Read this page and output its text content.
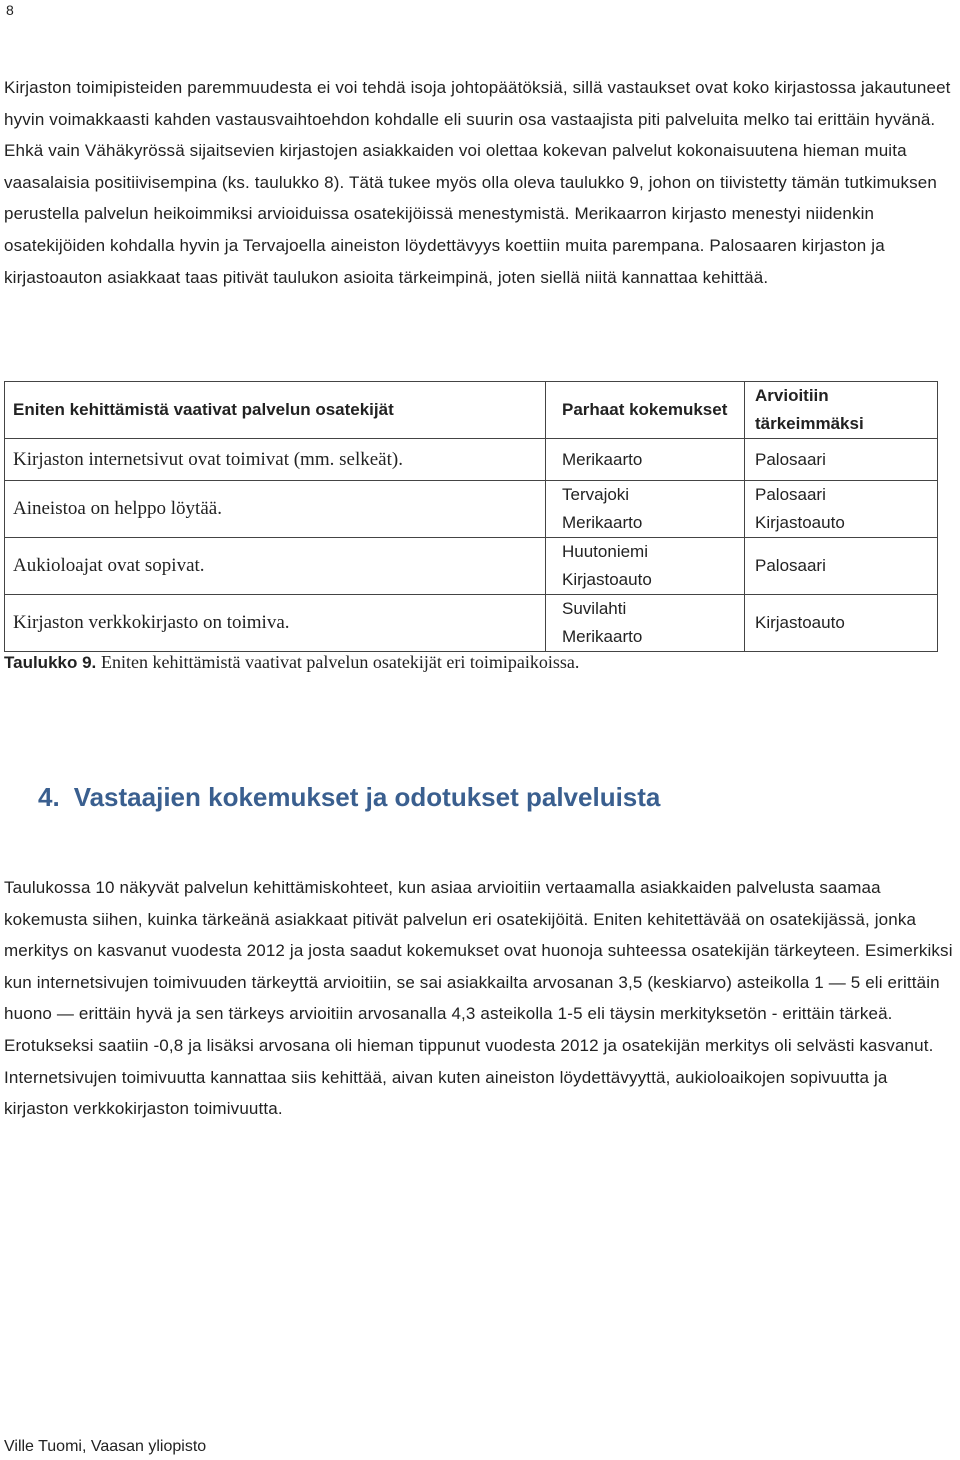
8

Kirjaston toimipisteiden paremmuudesta ei voi tehdä isoja johtopäätöksiä, sillä vastaukset ovat koko kirjastossa jakautuneet hyvin voimakkaasti kahden vastausvaihtoehdon kohdalle eli suurin osa vastaajista piti palveluita melko tai erittäin hyvänä. Ehkä vain Vähäkyrössä sijaitsevien kirjastojen asiakkaiden voi olettaa kokevan palvelut kokonaisuutena hieman muita vaasalaisia positiivisempina (ks. taulukko 8). Tätä tukee myös olla oleva taulukko 9, johon on tiivistetty tämän tutkimuksen perustella palvelun heikoimmiksi arvioiduissa osatekijöissä menestymistä. Merikaarron kirjasto menestyi niidenkin osatekijöiden kohdalla hyvin ja Tervajoella aineiston löydettävyys koettiin muita parempana. Palosaaren kirjaston ja kirjastoauton asiakkaat taas pitivät taulukon asioita tärkeimpinä, joten siellä niitä kannattaa kehittää.

Eniten kehittämistä vaativat palvelun osatekijät	Parhaat kokemukset	Arvioitiin tärkeimmäksi
Kirjaston internetsivut ovat toimivat (mm. selkeät).	Merikaarto	Palosaari
Aineistoa on helppo löytää.	Tervajoki Merikaarto	Palosaari Kirjastoauto
Aukioloajat ovat sopivat.	Huutoniemi Kirjastoauto	Palosaari
Kirjaston verkkokirjasto on toimiva.	Suvilahti Merikaarto	Kirjastoauto
Taulukko 9. Eniten kehittämistä vaativat palvelun osatekijät eri toimipaikoissa.
4. Vastaajien kokemukset ja odotukset palveluista

Taulukossa 10 näkyvät palvelun kehittämiskohteet, kun asiaa arvioitiin vertaamalla asiakkaiden palvelusta saamaa kokemusta siihen, kuinka tärkeänä asiakkaat pitivät palvelun eri osatekijöitä. Eniten kehitettävää on osatekijässä, jonka merkitys on kasvanut vuodesta 2012 ja josta saadut kokemukset ovat huonoja suhteessa osatekijän tärkeyteen. Esimerkiksi kun internetsivujen toimivuuden tärkeyttä arvioitiin, se sai asiakkailta arvosanan 3,5 (keskiarvo) asteikolla 1 — 5 eli erittäin huono — erittäin hyvä ja sen tärkeys arvioitiin arvosanalla 4,3 asteikolla 1-5 eli täysin merkityksetön - erittäin tärkeä. Erotukseksi saatiin -0,8 ja lisäksi arvosana oli hieman tippunut vuodesta 2012 ja osatekijän merkitys oli selvästi kasvanut. Internetsivujen toimivuutta kannattaa siis kehittää, aivan kuten aineiston löydettävyyttä, aukioloaikojen sopivuutta ja kirjaston verkkokirjaston toimivuutta.

Ville Tuomi, Vaasan yliopisto
